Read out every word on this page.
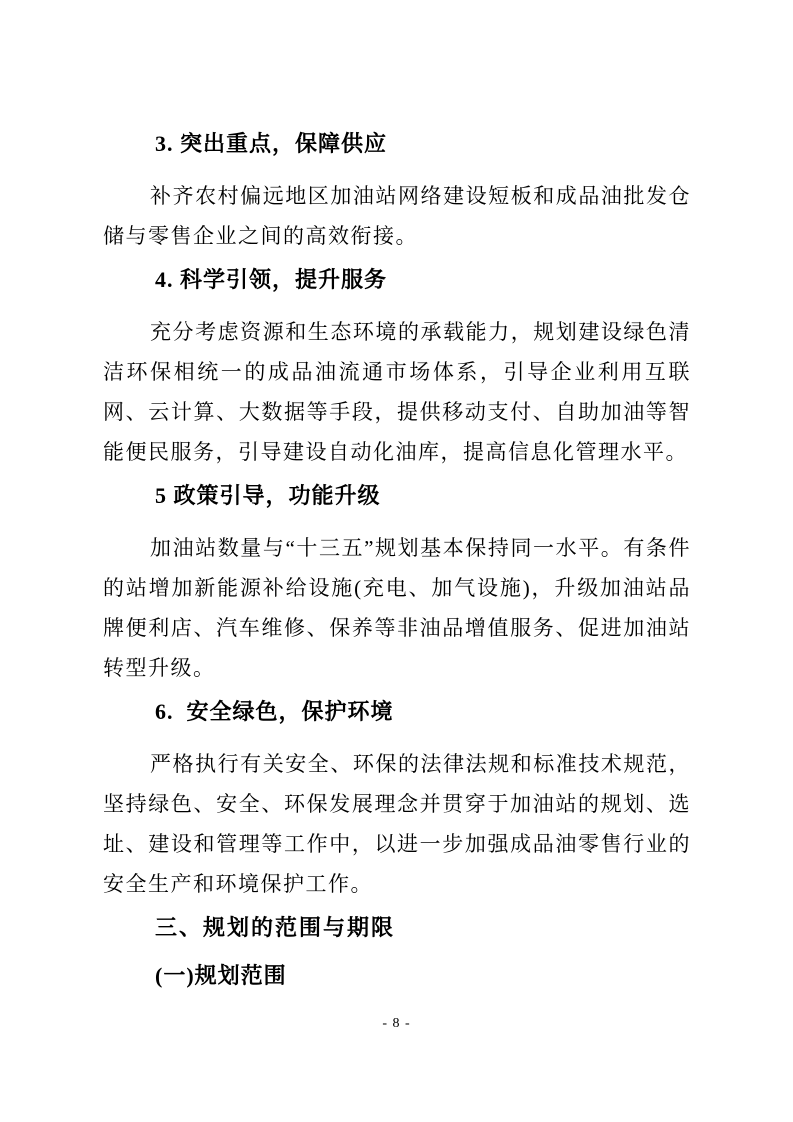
3. 突出重点，保障供应

补齐农村偏远地区加油站网络建设短板和成品油批发仓储与零售企业之间的高效衔接。

4. 科学引领，提升服务

充分考虑资源和生态环境的承载能力，规划建设绿色清洁环保相统一的成品油流通市场体系，引导企业利用互联网、云计算、大数据等手段，提供移动支付、自助加油等智能便民服务，引导建设自动化油库，提高信息化管理水平。

5 政策引导，功能升级

加油站数量与“十三五”规划基本保持同一水平。有条件的站增加新能源补给设施(充电、加气设施)，升级加油站品牌便利店、汽车维修、保养等非油品增值服务、促进加油站转型升级。

6.  安全绿色，保护环境

严格执行有关安全、环保的法律法规和标准技术规范，坚持绿色、安全、环保发展理念并贯穿于加油站的规划、选址、建设和管理等工作中，以进一步加强成品油零售行业的安全生产和环境保护工作。

三、规划的范围与期限
(一)规划范围
- 8 -
